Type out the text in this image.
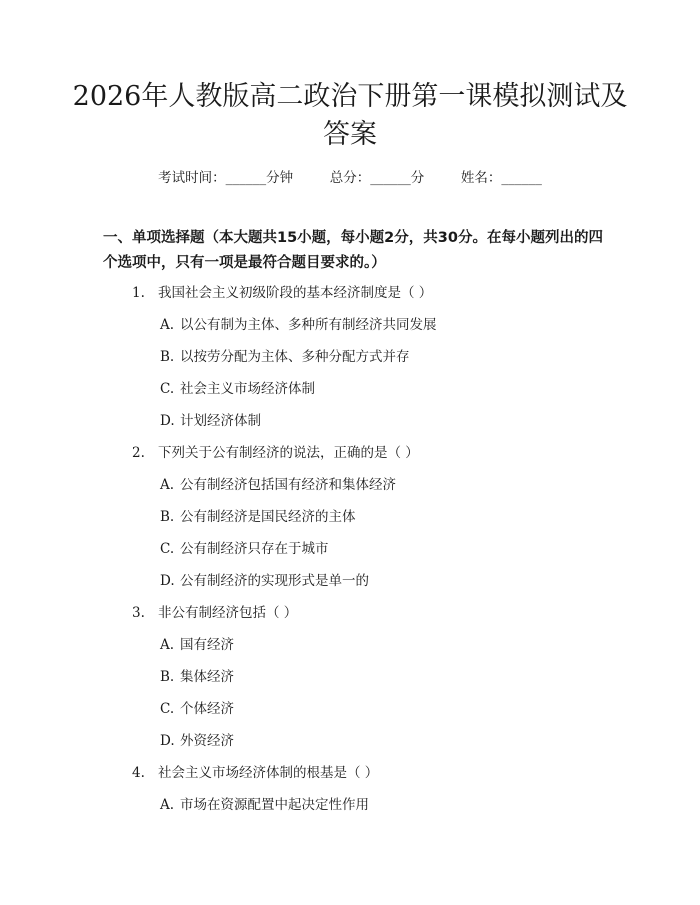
2026年人教版高二政治下册第一课模拟测试及答案
考试时间：______分钟	总分：______分	姓名：______

一、单项选择题（本大题共15小题，每小题2分，共30分。在每小题列出的四个选项中，只有一项是最符合题目要求的。）

1. 我国社会主义初级阶段的基本经济制度是（ ）
A. 以公有制为主体、多种所有制经济共同发展
B. 以按劳分配为主体、多种分配方式并存
C. 社会主义市场经济体制
D. 计划经济体制
2. 下列关于公有制经济的说法，正确的是（ ）
A. 公有制经济包括国有经济和集体经济
B. 公有制经济是国民经济的主体
C. 公有制经济只存在于城市
D. 公有制经济的实现形式是单一的
3. 非公有制经济包括（ ）
A. 国有经济
B. 集体经济
C. 个体经济
D. 外资经济
4. 社会主义市场经济体制的根基是（ ）
A. 市场在资源配置中起决定性作用
